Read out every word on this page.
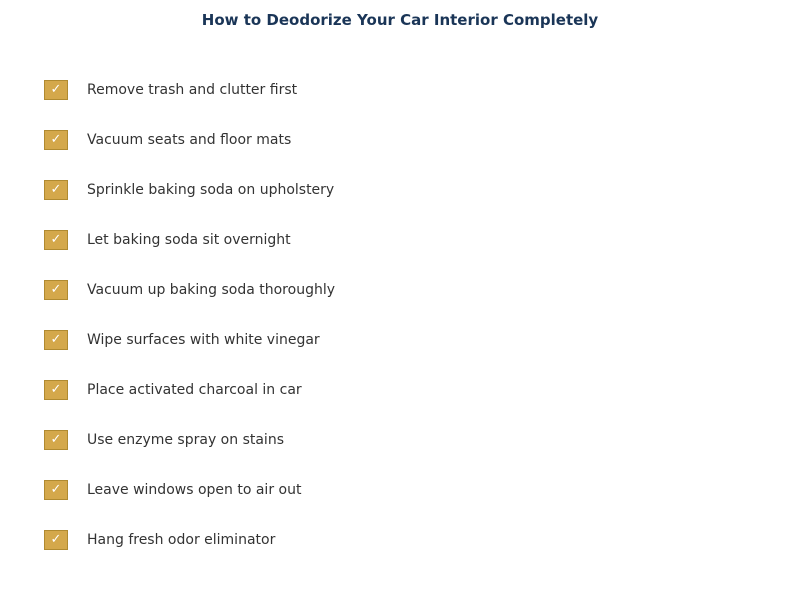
How to Deodorize Your Car Interior Completely
✓	Remove trash and clutter first
✓	Vacuum seats and floor mats
✓	Sprinkle baking soda on upholstery
✓	Let baking soda sit overnight
✓	Vacuum up baking soda thoroughly
✓	Wipe surfaces with white vinegar
✓	Place activated charcoal in car
✓	Use enzyme spray on stains
✓	Leave windows open to air out
✓	Hang fresh odor eliminator
